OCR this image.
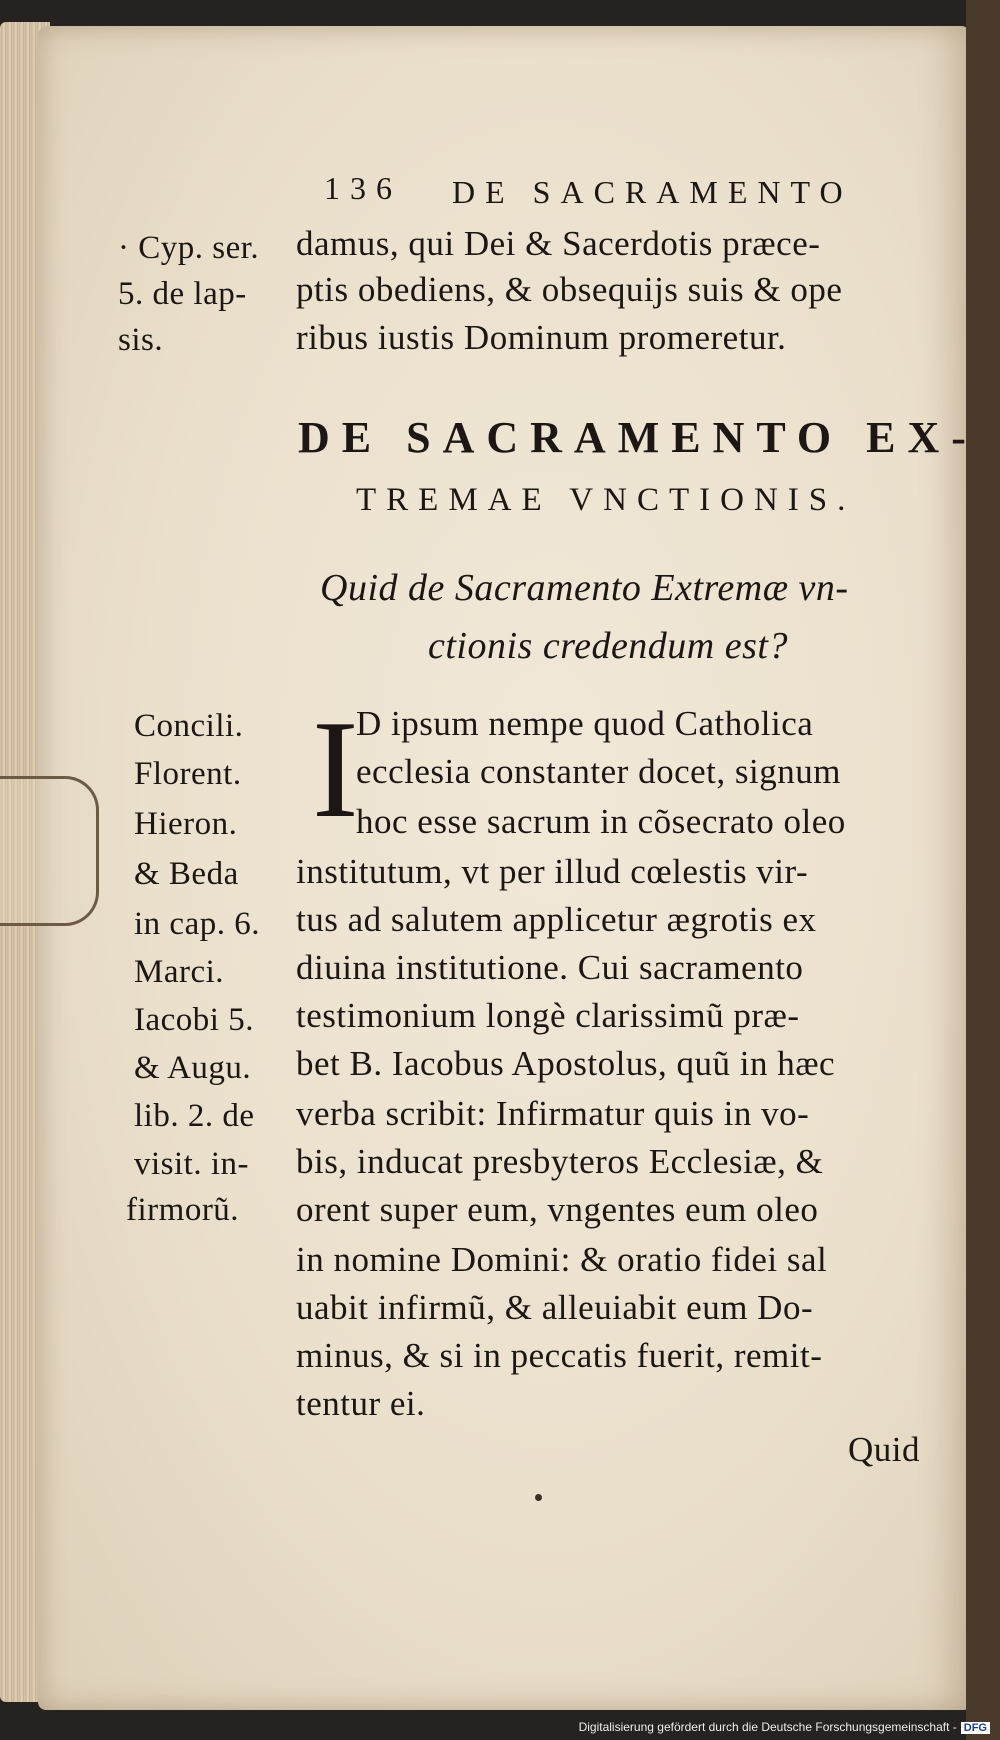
136 DE SACRAMENTO
· Cyp. ser.
5. de lap-
sis.
damus, qui Dei & Sacerdotis præce-
ptis obediens, & obsequijs suis & ope
ribus iustis Dominum promeretur.
DE SACRAMENTO EX-
TREMAE VNCTIONIS.
Quid de Sacramento Extremæ vn-
ctionis credendum est?
I
Concili.
Florent.
Hieron.
& Beda
in cap. 6.
Marci.
Iacobi 5.
& Augu.
lib. 2. de
visit. in-
firmorũ.
D ipsum nempe quod Catholica
ecclesia constanter docet, signum
hoc esse sacrum in cõsecrato oleo
institutum, vt per illud cœlestis vir-
tus ad salutem applicetur ægrotis ex
diuina institutione. Cui sacramento
testimonium longè clarissimũ præ-
bet B. Iacobus Apostolus, quũ in hæc
verba scribit: Infirmatur quis in vo-
bis, inducat presbyteros Ecclesiæ, &
orent super eum, vngentes eum oleo
in nomine Domini: & oratio fidei sal
uabit infirmũ, & alleuiabit eum Do-
minus, & si in peccatis fuerit, remit-
tentur ei.
Quid
Digitalisierung gefördert durch die Deutsche Forschungsgemeinschaft - DFG
